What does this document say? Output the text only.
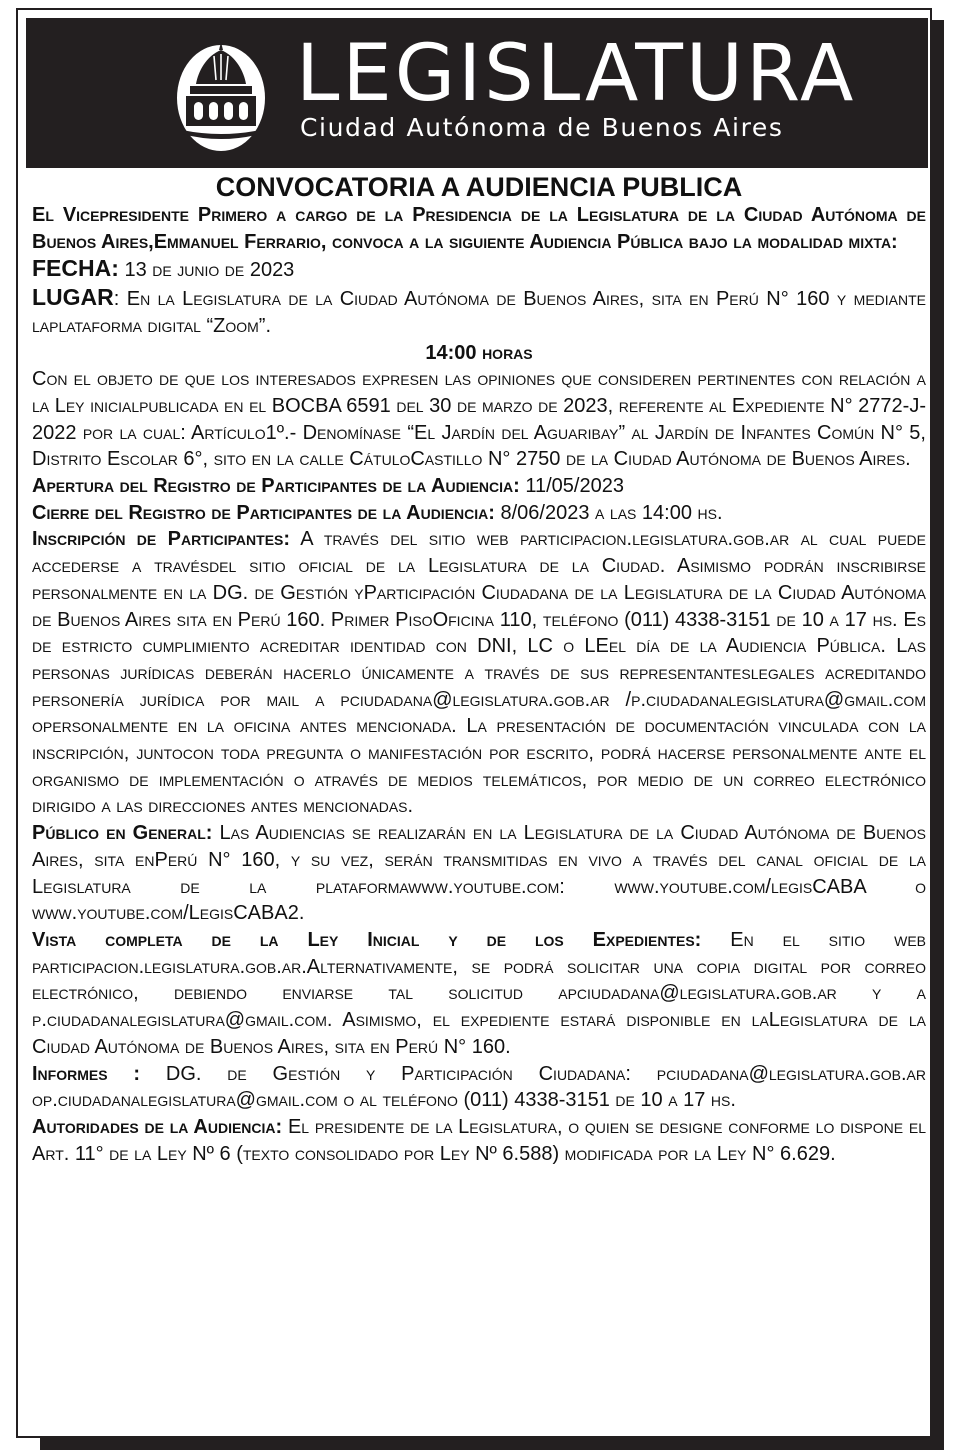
LEGISLATURA
Ciudad Autónoma de Buenos Aires
CONVOCATORIA A AUDIENCIA PUBLICA

El Vicepresidente Primero a cargo de la Presidencia de la Legislatura de la Ciudad Autónoma de Buenos Aires,Emmanuel Ferrario, convoca a la siguiente Audiencia Pública bajo la modalidad mixta:

FECHA: 13 de junio de 2023

LUGAR: En la Legislatura de la Ciudad Autónoma de Buenos Aires, sita en Perú N° 160 y mediante laplataforma digital “Zoom”.

14:00 horas

Con el objeto de que los interesados expresen las opiniones que consideren pertinentes con relación a la Ley inicialpublicada en el BOCBA 6591 del 30 de marzo de 2023, referente al Expediente N° 2772-J-2022 por la cual: Artículo1º.- Denomínase “El Jardín del Aguaribay” al Jardín de Infantes Común N° 5, Distrito Escolar 6°, sito en la calle CátuloCastillo N° 2750 de la Ciudad Autónoma de Buenos Aires.

Apertura del Registro de Participantes de la Audiencia: 11/05/2023

Cierre del Registro de Participantes de la Audiencia: 8/06/2023 a las 14:00 hs.

Inscripción de Participantes: A través del sitio web participacion.legislatura.gob.ar al cual puede accederse a travésdel sitio oficial de la Legislatura de la Ciudad. Asimismo podrán inscribirse personalmente en la DG. de Gestión yParticipación Ciudadana de la Legislatura de la Ciudad Autónoma de Buenos Aires sita en Perú 160. Primer PisoOficina 110, teléfono (011) 4338-3151 de 10 a 17 hs. Es de estricto cumplimiento acreditar identidad con DNI, LC o LEel día de la Audiencia Pública. Las personas jurídicas deberán hacerlo únicamente a través de sus representanteslegales acreditando personería jurídica por mail a pciudadana@legislatura.gob.ar /p.ciudadanalegislatura@gmail.com opersonalmente en la oficina antes mencionada. La presentación de documentación vinculada con la inscripción, juntocon toda pregunta o manifestación por escrito, podrá hacerse personalmente ante el organismo de implementación o através de medios telemáticos, por medio de un correo electrónico dirigido a las direcciones antes mencionadas.

Público en General: Las Audiencias se realizarán en la Legislatura de la Ciudad Autónoma de Buenos Aires, sita enPerú N° 160, y su vez, serán transmitidas en vivo a través del canal oficial de la Legislatura de la plataformawww.youtube.com: www.youtube.com/legisCABA o www.youtube.com/LegisCABA2.

Vista completa de la Ley Inicial y de los Expedientes: En el sitio web participacion.legislatura.gob.ar.Alternativamente, se podrá solicitar una copia digital por correo electrónico, debiendo enviarse tal solicitud apciudadana@legislatura.gob.ar y a p.ciudadanalegislatura@gmail.com. Asimismo, el expediente estará disponible en laLegislatura de la Ciudad Autónoma de Buenos Aires, sita en Perú N° 160.

Informes : DG. de Gestión y Participación Ciudadana: pciudadana@legislatura.gob.ar op.ciudadanalegislatura@gmail.com o al teléfono (011) 4338-3151 de 10 a 17 hs.

Autoridades de la Audiencia: El presidente de la Legislatura, o quien se designe conforme lo dispone el Art. 11° de la Ley Nº 6 (texto consolidado por Ley Nº 6.588) modificada por la Ley N° 6.629.
